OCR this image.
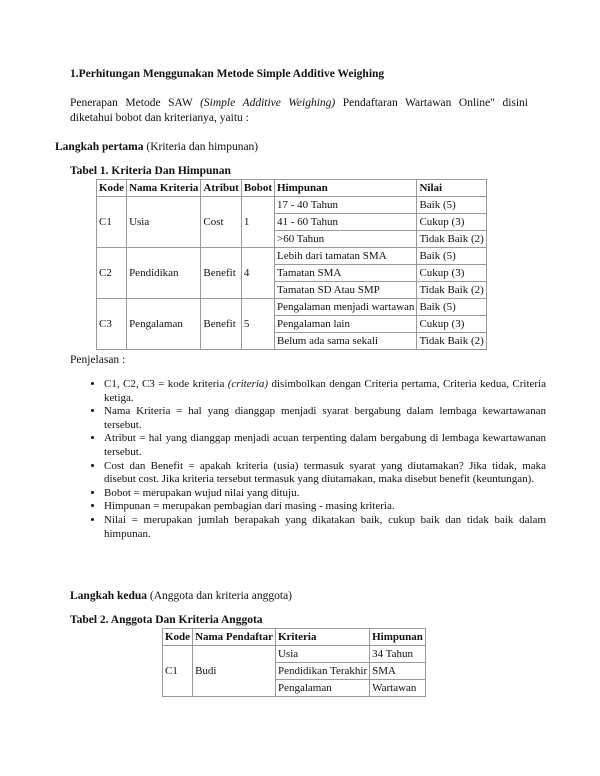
1.Perhitungan Menggunakan Metode Simple Additive Weighing
Penerapan Metode SAW (Simple Additive Weighing) Pendaftaran Wartawan Online" disini diketahui bobot dan kriterianya, yaitu :
Langkah pertama (Kriteria dan himpunan)
Tabel 1. Kriteria Dan Himpunan
Kode	Nama Kriteria	Atribut	Bobot	Himpunan	Nilai
C1	Usia	Cost	1	17 - 40 Tahun	Baik (5)
				41 - 60 Tahun	Cukup (3)
				>60 Tahun	Tidak Baik (2)
C2	Pendidikan	Benefit	4	Lebih dari tamatan SMA	Baik (5)
				Tamatan SMA	Cukup (3)
				Tamatan SD Atau SMP	Tidak Baik (2)
C3	Pengalaman	Benefit	5	Pengalaman menjadi wartawan	Baik (5)
				Pengalaman lain	Cukup (3)
				Belum ada sama sekali	Tidak Baik (2)
Penjelasan :
• C1, C2, C3 = kode kriteria (criteria) disimbolkan dengan Criteria pertama, Criteria kedua, Criteria ketiga.
• Nama Kriteria = hal yang dianggap menjadi syarat bergabung dalam lembaga kewartawanan tersebut.
• Atribut = hal yang dianggap menjadi acuan terpenting dalam bergabung di lembaga kewartawanan tersebut.
• Cost dan Benefit = apakah kriteria (usia) termasuk syarat yang diutamakan? Jika tidak, maka disebut cost. Jika kriteria tersebut termasuk yang diutamakan, maka disebut benefit (keuntungan).
• Bobot = merupakan wujud nilai yang dituju.
• Himpunan = merupakan pembagian dari masing - masing kriteria.
• Nilai = merupakan jumlah berapakah yang dikatakan baik, cukup baik dan tidak baik dalam himpunan.
Langkah kedua (Anggota dan kriteria anggota)
Tabel 2. Anggota Dan Kriteria Anggota
Kode	Nama Pendaftar	Kriteria	Himpunan
C1	Budi	Usia	34 Tahun
		Pendidikan Terakhir	SMA
		Pengalaman	Wartawan
